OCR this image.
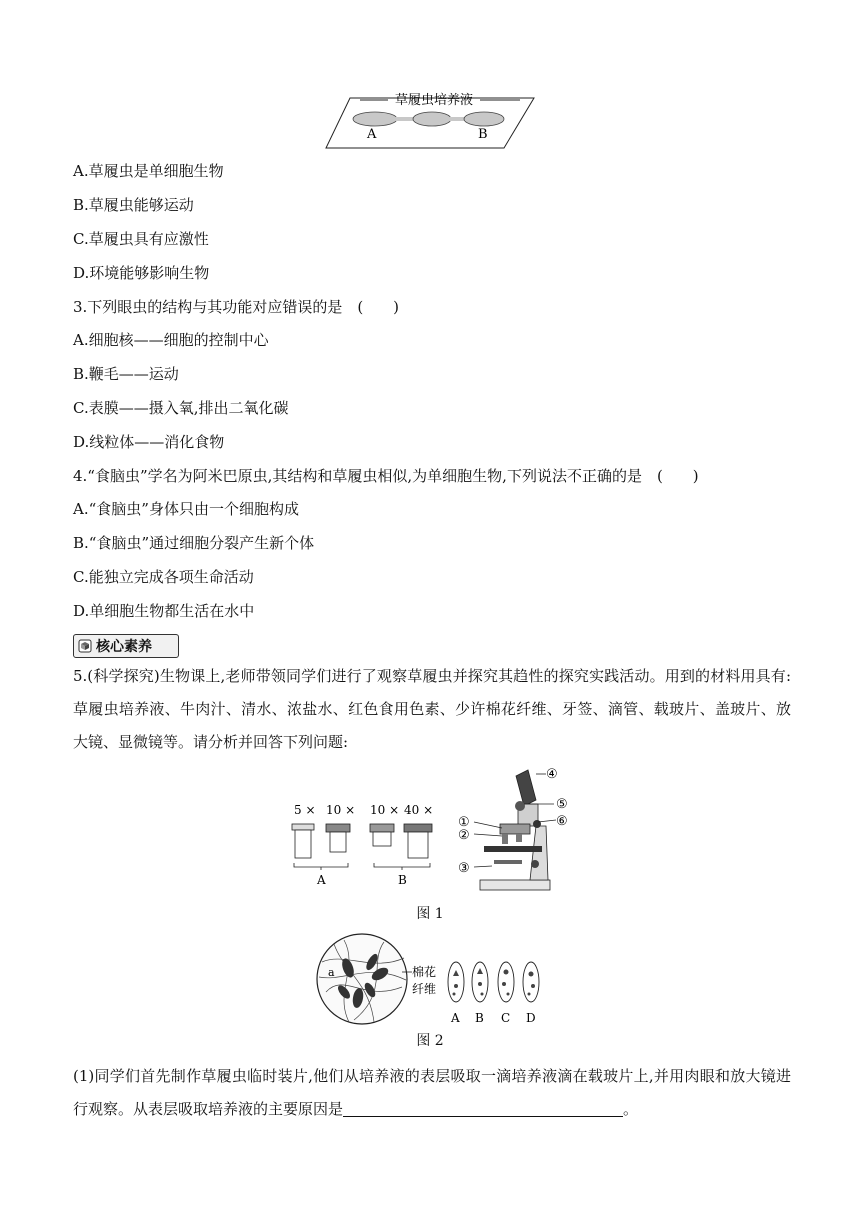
草履虫培养液
A	B
A.草履虫是单细胞生物
B.草履虫能够运动
C.草履虫具有应激性
D.环境能够影响生物
3.下列眼虫的结构与其功能对应错误的是　(　　)
A.细胞核——细胞的控制中心
B.鞭毛——运动
C.表膜——摄入氧,排出二氧化碳
D.线粒体——消化食物
4.“食脑虫”学名为阿米巴原虫,其结构和草履虫相似,为单细胞生物,下列说法不正确的是　(　　)
A.“食脑虫”身体只由一个细胞构成
B.“食脑虫”通过细胞分裂产生新个体
C.能独立完成各项生命活动
D.单细胞生物都生活在水中
核心素养
5.(科学探究)生物课上,老师带领同学们进行了观察草履虫并探究其趋性的探究实践活动。用到的材料用具有:草履虫培养液、牛肉汁、清水、浓盐水、红色食用色素、少许棉花纤维、牙签、滴管、载玻片、盖玻片、放大镜、显微镜等。请分析并回答下列问题:
5 × 10 ×
A
10 × 40 ×
B
①
②
③
④
⑤
⑥
图 1
a	棉花
纤维
A B C D
图 2
(1)同学们首先制作草履虫临时装片,他们从培养液的表层吸取一滴培养液滴在载玻片上,并用肉眼和放大镜进行观察。从表层吸取培养液的主要原因是	。
